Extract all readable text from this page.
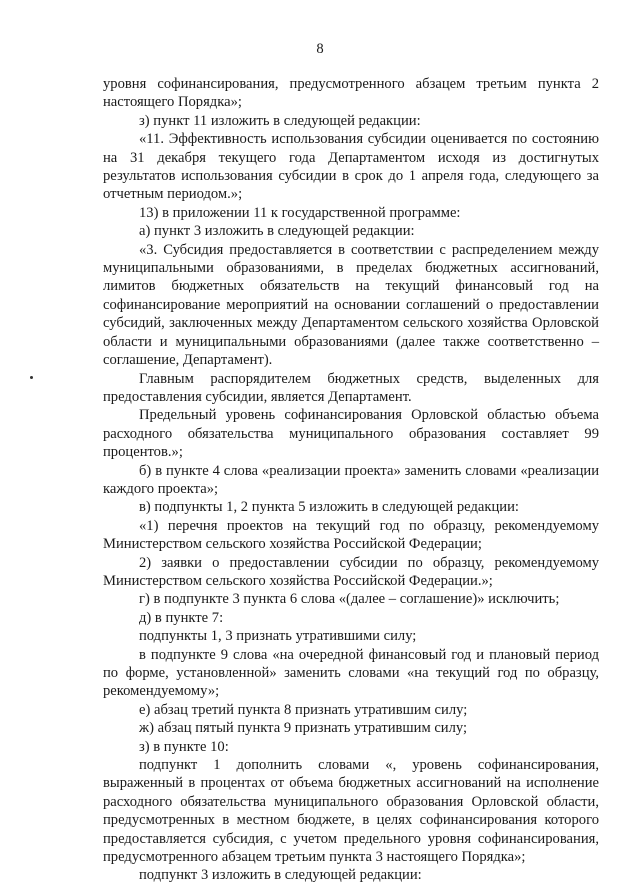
8

уровня софинансирования, предусмотренного абзацем третьим пункта 2 настоящего Порядка»;

з) пункт 11 изложить в следующей редакции:

«11. Эффективность использования субсидии оценивается по состоянию на 31 декабря текущего года Департаментом исходя из достигнутых результатов использования субсидии в срок до 1 апреля года, следующего за отчетным периодом.»;

13) в приложении 11 к государственной программе:

а) пункт 3 изложить в следующей редакции:

«3. Субсидия предоставляется в соответствии с распределением между муниципальными образованиями, в пределах бюджетных ассигнований, лимитов бюджетных обязательств на текущий финансовый год на софинансирование мероприятий на основании соглашений о предоставлении субсидий, заключенных между Департаментом сельского хозяйства Орловской области и муниципальными образованиями (далее также соответственно – соглашение, Департамент).

Главным распорядителем бюджетных средств, выделенных для предоставления субсидии, является Департамент.

Предельный уровень софинансирования Орловской областью объема расходного обязательства муниципального образования составляет 99 процентов.»;

б) в пункте 4 слова «реализации проекта» заменить словами «реализации каждого проекта»;

в) подпункты 1, 2 пункта 5 изложить в следующей редакции:

«1) перечня проектов на текущий год по образцу, рекомендуемому Министерством сельского хозяйства Российской Федерации;

2) заявки о предоставлении субсидии по образцу, рекомендуемому Министерством сельского хозяйства Российской Федерации.»;

г) в подпункте 3 пункта 6 слова «(далее – соглашение)» исключить;

д) в пункте 7:

подпункты 1, 3 признать утратившими силу;

в подпункте 9 слова «на очередной финансовый год и плановый период по форме, установленной» заменить словами «на текущий год по образцу, рекомендуемому»;

е) абзац третий пункта 8 признать утратившим силу;

ж) абзац пятый пункта 9 признать утратившим силу;

з) в пункте 10:

подпункт 1 дополнить словами «, уровень софинансирования, выраженный в процентах от объема бюджетных ассигнований на исполнение расходного обязательства муниципального образования Орловской области, предусмотренных в местном бюджете, в целях софинансирования которого предоставляется субсидия, с учетом предельного уровня софинансирования, предусмотренного абзацем третьим пункта 3 настоящего Порядка»;

подпункт 3 изложить в следующей редакции:
